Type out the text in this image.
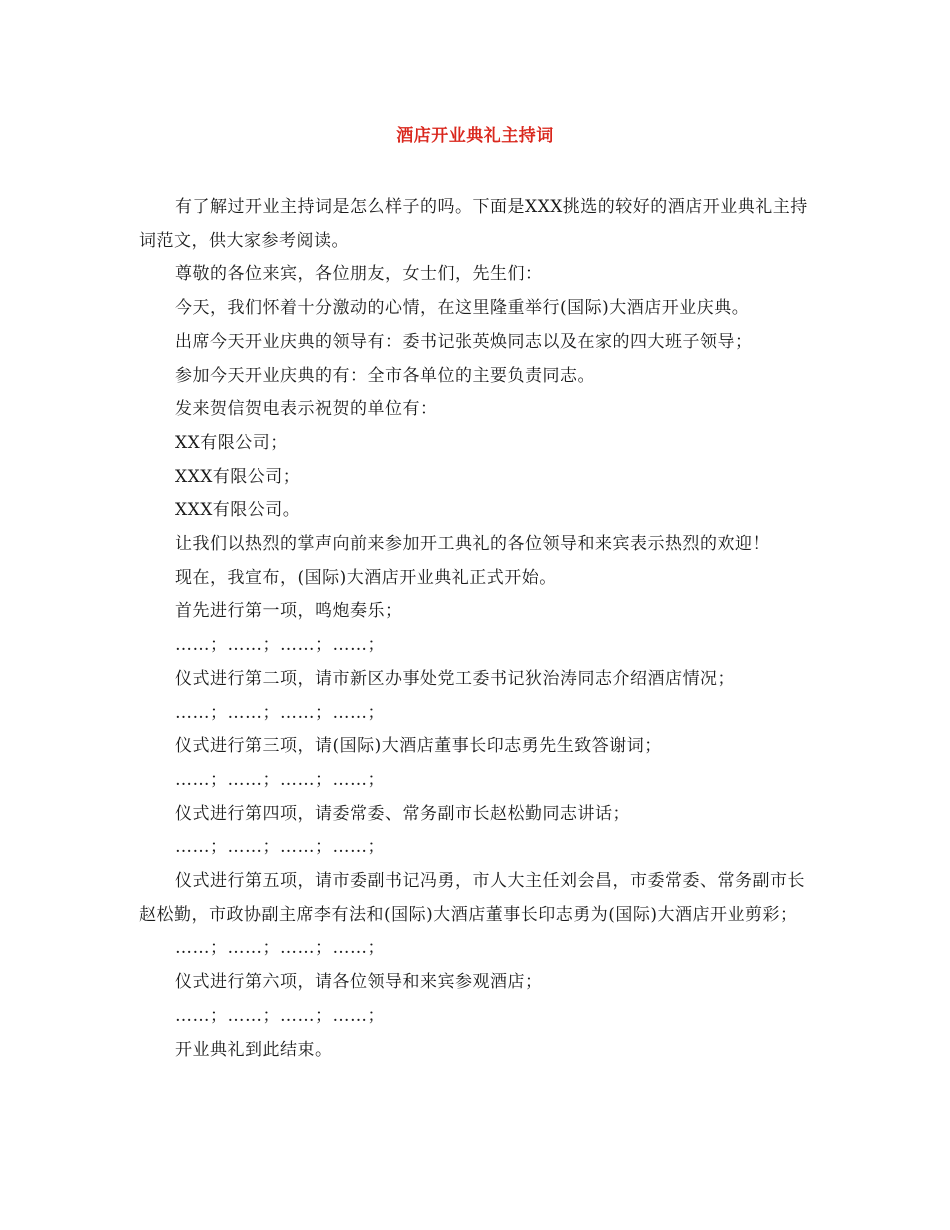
酒店开业典礼主持词

有了解过开业主持词是怎么样子的吗。下面是XXX挑选的较好的酒店开业典礼主持词范文，供大家参考阅读。

尊敬的各位来宾，各位朋友，女士们，先生们：

今天，我们怀着十分激动的心情，在这里隆重举行(国际)大酒店开业庆典。

出席今天开业庆典的领导有：委书记张英焕同志以及在家的四大班子领导；

参加今天开业庆典的有：全市各单位的主要负责同志。

发来贺信贺电表示祝贺的单位有：

XX有限公司；

XXX有限公司；

XXX有限公司。

让我们以热烈的掌声向前来参加开工典礼的各位领导和来宾表示热烈的欢迎！

现在，我宣布，(国际)大酒店开业典礼正式开始。

首先进行第一项，鸣炮奏乐；

……；……；……；……；

仪式进行第二项，请市新区办事处党工委书记狄治涛同志介绍酒店情况；

……；……；……；……；

仪式进行第三项，请(国际)大酒店董事长印志勇先生致答谢词；

……；……；……；……；

仪式进行第四项，请委常委、常务副市长赵松勤同志讲话；

……；……；……；……；

仪式进行第五项，请市委副书记冯勇，市人大主任刘会昌，市委常委、常务副市长赵松勤，市政协副主席李有法和(国际)大酒店董事长印志勇为(国际)大酒店开业剪彩；

……；……；……；……；

仪式进行第六项，请各位领导和来宾参观酒店；

……；……；……；……；

开业典礼到此结束。
